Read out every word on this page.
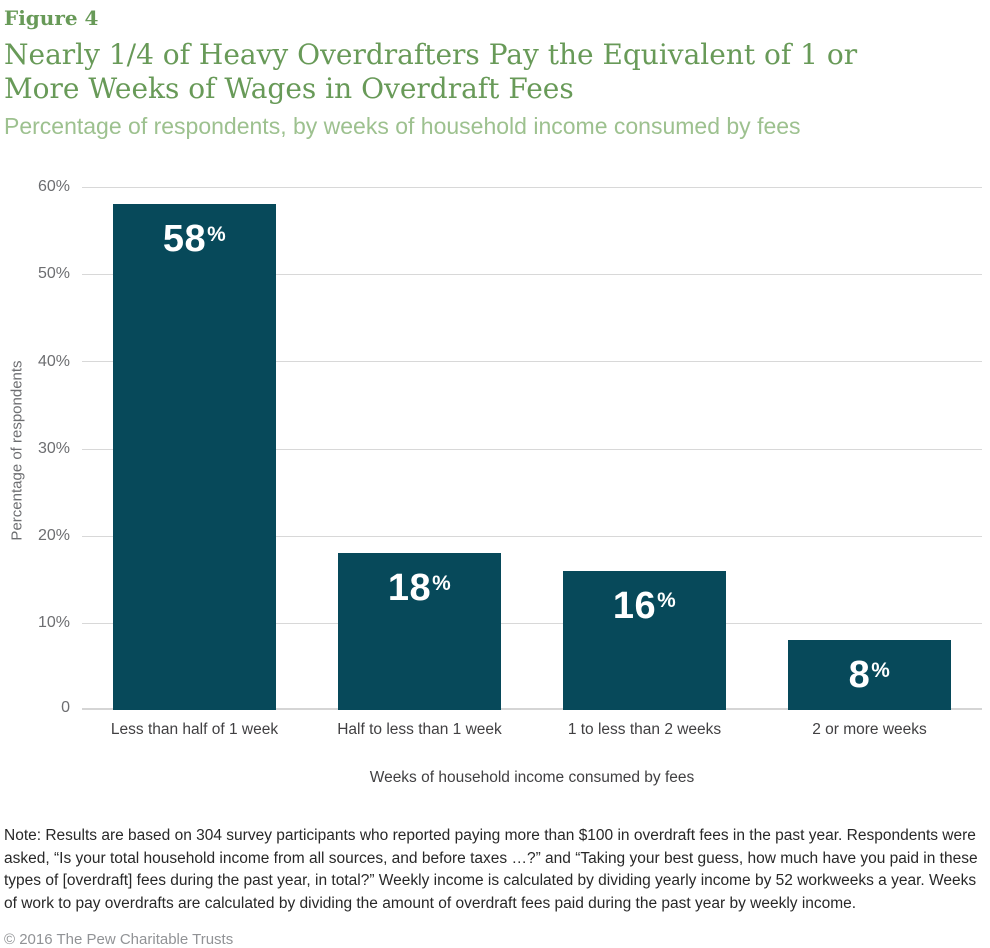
Figure 4
Nearly 1/4 of Heavy Overdrafters Pay the Equivalent of 1 or More Weeks of Wages in Overdraft Fees
Percentage of respondents, by weeks of household income consumed by fees
Percentage of respondents
60%
50%
40%
30%
20%
10%
0
58%
18%
16%
8%
Less than half of 1 week	Half to less than 1 week	1 to less than 2 weeks	2 or more weeks
Weeks of household income consumed by fees

Note: Results are based on 304 survey participants who reported paying more than $100 in overdraft fees in the past year. Respondents were asked, “Is your total household income from all sources, and before taxes …?” and “Taking your best guess, how much have you paid in these types of [overdraft] fees during the past year, in total?” Weekly income is calculated by dividing yearly income by 52 workweeks a year. Weeks of work to pay overdrafts are calculated by dividing the amount of overdraft fees paid during the past year by weekly income.

© 2016 The Pew Charitable Trusts
